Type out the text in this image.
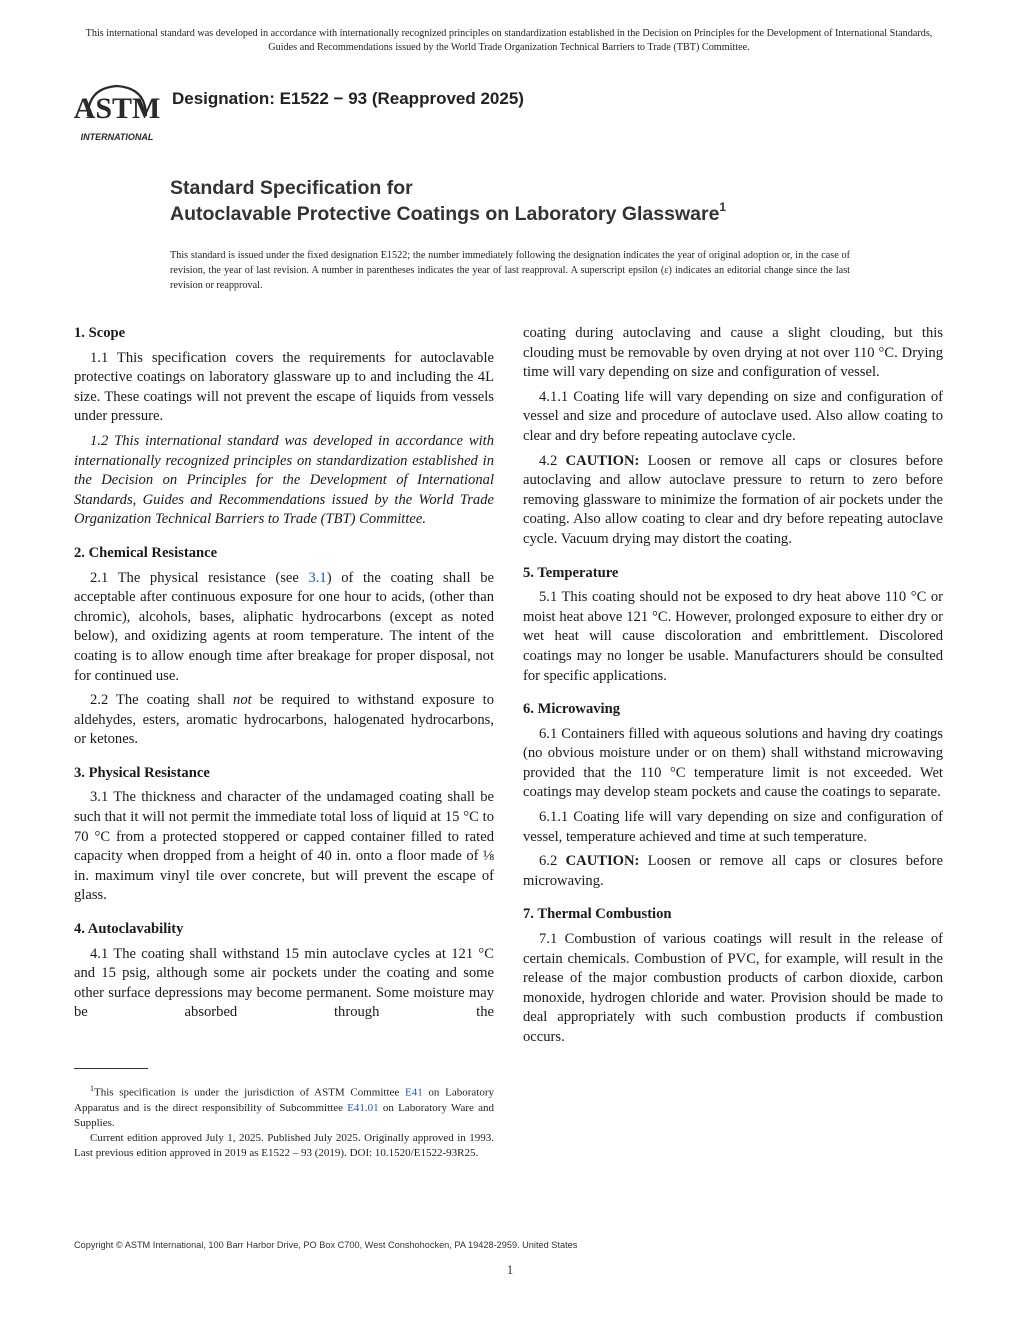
This international standard was developed in accordance with internationally recognized principles on standardization established in the Decision on Principles for the Development of International Standards, Guides and Recommendations issued by the World Trade Organization Technical Barriers to Trade (TBT) Committee.
ASTM
INTERNATIONAL
Designation: E1522 − 93 (Reapproved 2025)
Standard Specification for
Autoclavable Protective Coatings on Laboratory Glassware$^1$
This standard is issued under the fixed designation E1522; the number immediately following the designation indicates the year of original adoption or, in the case of revision, the year of last revision. A number in parentheses indicates the year of last reapproval. A superscript epsilon (ε) indicates an editorial change since the last revision or reapproval.
1. Scope

1.1 This specification covers the requirements for autoclavable protective coatings on laboratory glassware up to and including the 4L size. These coatings will not prevent the escape of liquids from vessels under pressure.

1.2 This international standard was developed in accordance with internationally recognized principles on standardization established in the Decision on Principles for the Development of International Standards, Guides and Recommendations issued by the World Trade Organization Technical Barriers to Trade (TBT) Committee.

2. Chemical Resistance

2.1 The physical resistance (see 3.1) of the coating shall be acceptable after continuous exposure for one hour to acids, (other than chromic), alcohols, bases, aliphatic hydrocarbons (except as noted below), and oxidizing agents at room temperature. The intent of the coating is to allow enough time after breakage for proper disposal, not for continued use.

2.2 The coating shall not be required to withstand exposure to aldehydes, esters, aromatic hydrocarbons, halogenated hydrocarbons, or ketones.

3. Physical Resistance

3.1 The thickness and character of the undamaged coating shall be such that it will not permit the immediate total loss of liquid at 15 °C to 70 °C from a protected stoppered or capped container filled to rated capacity when dropped from a height of 40 in. onto a floor made of ⅛ in. maximum vinyl tile over concrete, but will prevent the escape of glass.

4. Autoclavability

4.1 The coating shall withstand 15 min autoclave cycles at 121 °C and 15 psig, although some air pockets under the coating and some other surface depressions may become permanent. Some moisture may be absorbed through the

coating during autoclaving and cause a slight clouding, but this clouding must be removable by oven drying at not over 110 °C. Drying time will vary depending on size and configuration of vessel.

4.1.1 Coating life will vary depending on size and configuration of vessel and size and procedure of autoclave used. Also allow coating to clear and dry before repeating autoclave cycle.

4.2 CAUTION: Loosen or remove all caps or closures before autoclaving and allow autoclave pressure to return to zero before removing glassware to minimize the formation of air pockets under the coating. Also allow coating to clear and dry before repeating autoclave cycle. Vacuum drying may distort the coating.

5. Temperature

5.1 This coating should not be exposed to dry heat above 110 °C or moist heat above 121 °C. However, prolonged exposure to either dry or wet heat will cause discoloration and embrittlement. Discolored coatings may no longer be usable. Manufacturers should be consulted for specific applications.

6. Microwaving

6.1 Containers filled with aqueous solutions and having dry coatings (no obvious moisture under or on them) shall withstand microwaving provided that the 110 °C temperature limit is not exceeded. Wet coatings may develop steam pockets and cause the coatings to separate.

6.1.1 Coating life will vary depending on size and configuration of vessel, temperature achieved and time at such temperature.

6.2 CAUTION: Loosen or remove all caps or closures before microwaving.

7. Thermal Combustion

7.1 Combustion of various coatings will result in the release of certain chemicals. Combustion of PVC, for example, will result in the release of the major combustion products of carbon dioxide, carbon monoxide, hydrogen chloride and water. Provision should be made to deal appropriately with such combustion products if combustion occurs.

$^1$This specification is under the jurisdiction of ASTM Committee E41 on Laboratory Apparatus and is the direct responsibility of Subcommittee E41.01 on Laboratory Ware and Supplies.

Current edition approved July 1, 2025. Published July 2025. Originally approved in 1993. Last previous edition approved in 2019 as E1522 – 93 (2019). DOI: 10.1520/E1522-93R25.

Copyright © ASTM International, 100 Barr Harbor Drive, PO Box C700, West Conshohocken, PA 19428-2959. United States
1
